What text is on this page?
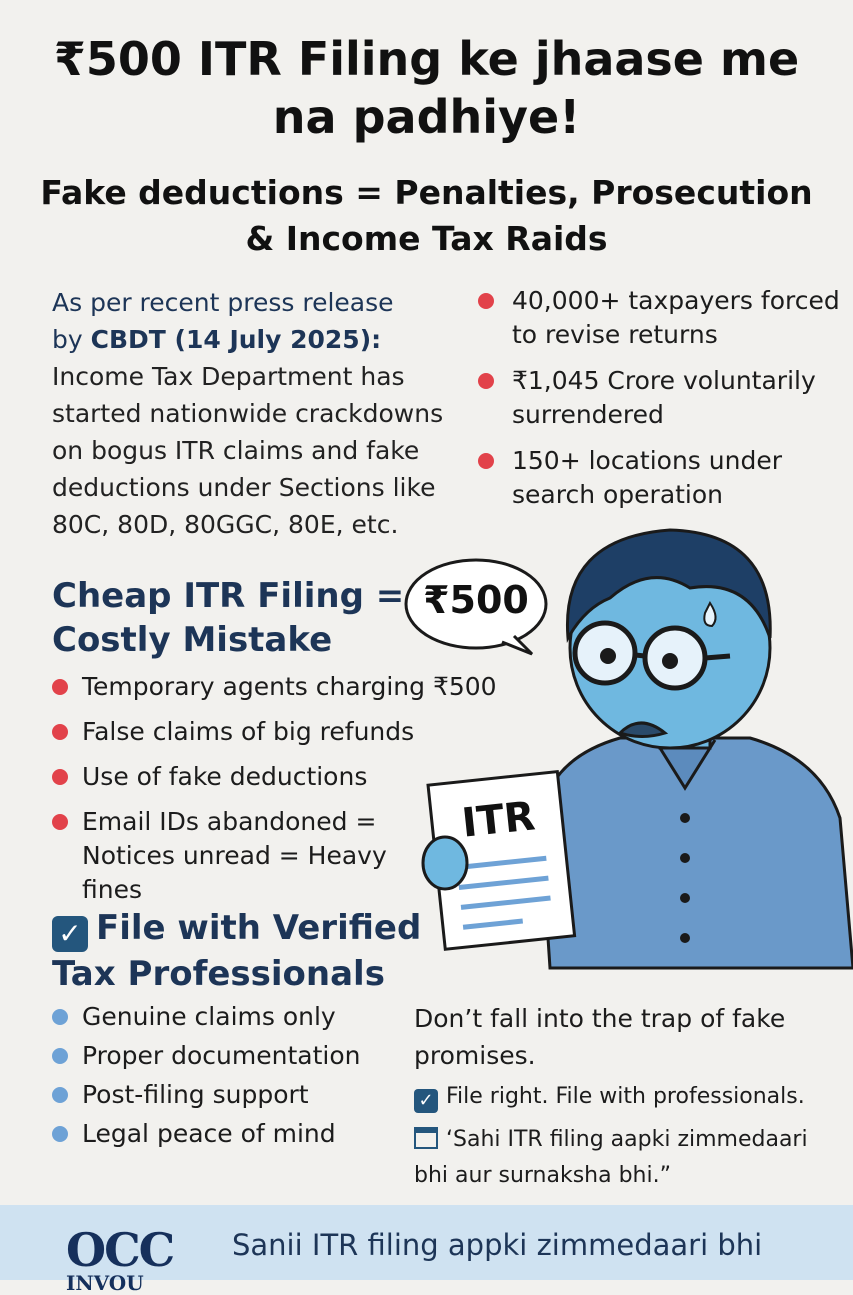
₹500 ITR Filing ke jhaase me
na padhiye!
Fake deductions = Penalties, Prosecution
& Income Tax Raids
As per recent press release
by CBDT (14 July 2025):
Income Tax Department has started nationwide crackdowns on bogus ITR claims and fake deductions under Sections like 80C, 80D, 80GGC, 80E, etc.
40,000+ taxpayers forced to revise returns
₹1,045 Crore voluntarily surrendered
150+ locations under search operation
Cheap ITR Filing = Costly Mistake
Temporary agents charging ₹500
False claims of big refunds
Use of fake deductions
Email IDs abandoned = Notices unread = Heavy fines
ITR
₹500
✓ File with Verified Tax Professionals
Genuine claims only
Proper documentation
Post-filing support
Legal peace of mind
Don’t fall into the trap of fake promises.
✓ File right. File with professionals.
‘Sahi ITR filing aapki zimmedaari bhi aur surnaksha bhi.”
OCC
INVOU
Sanii ITR filing appki zimmedaari bhi
